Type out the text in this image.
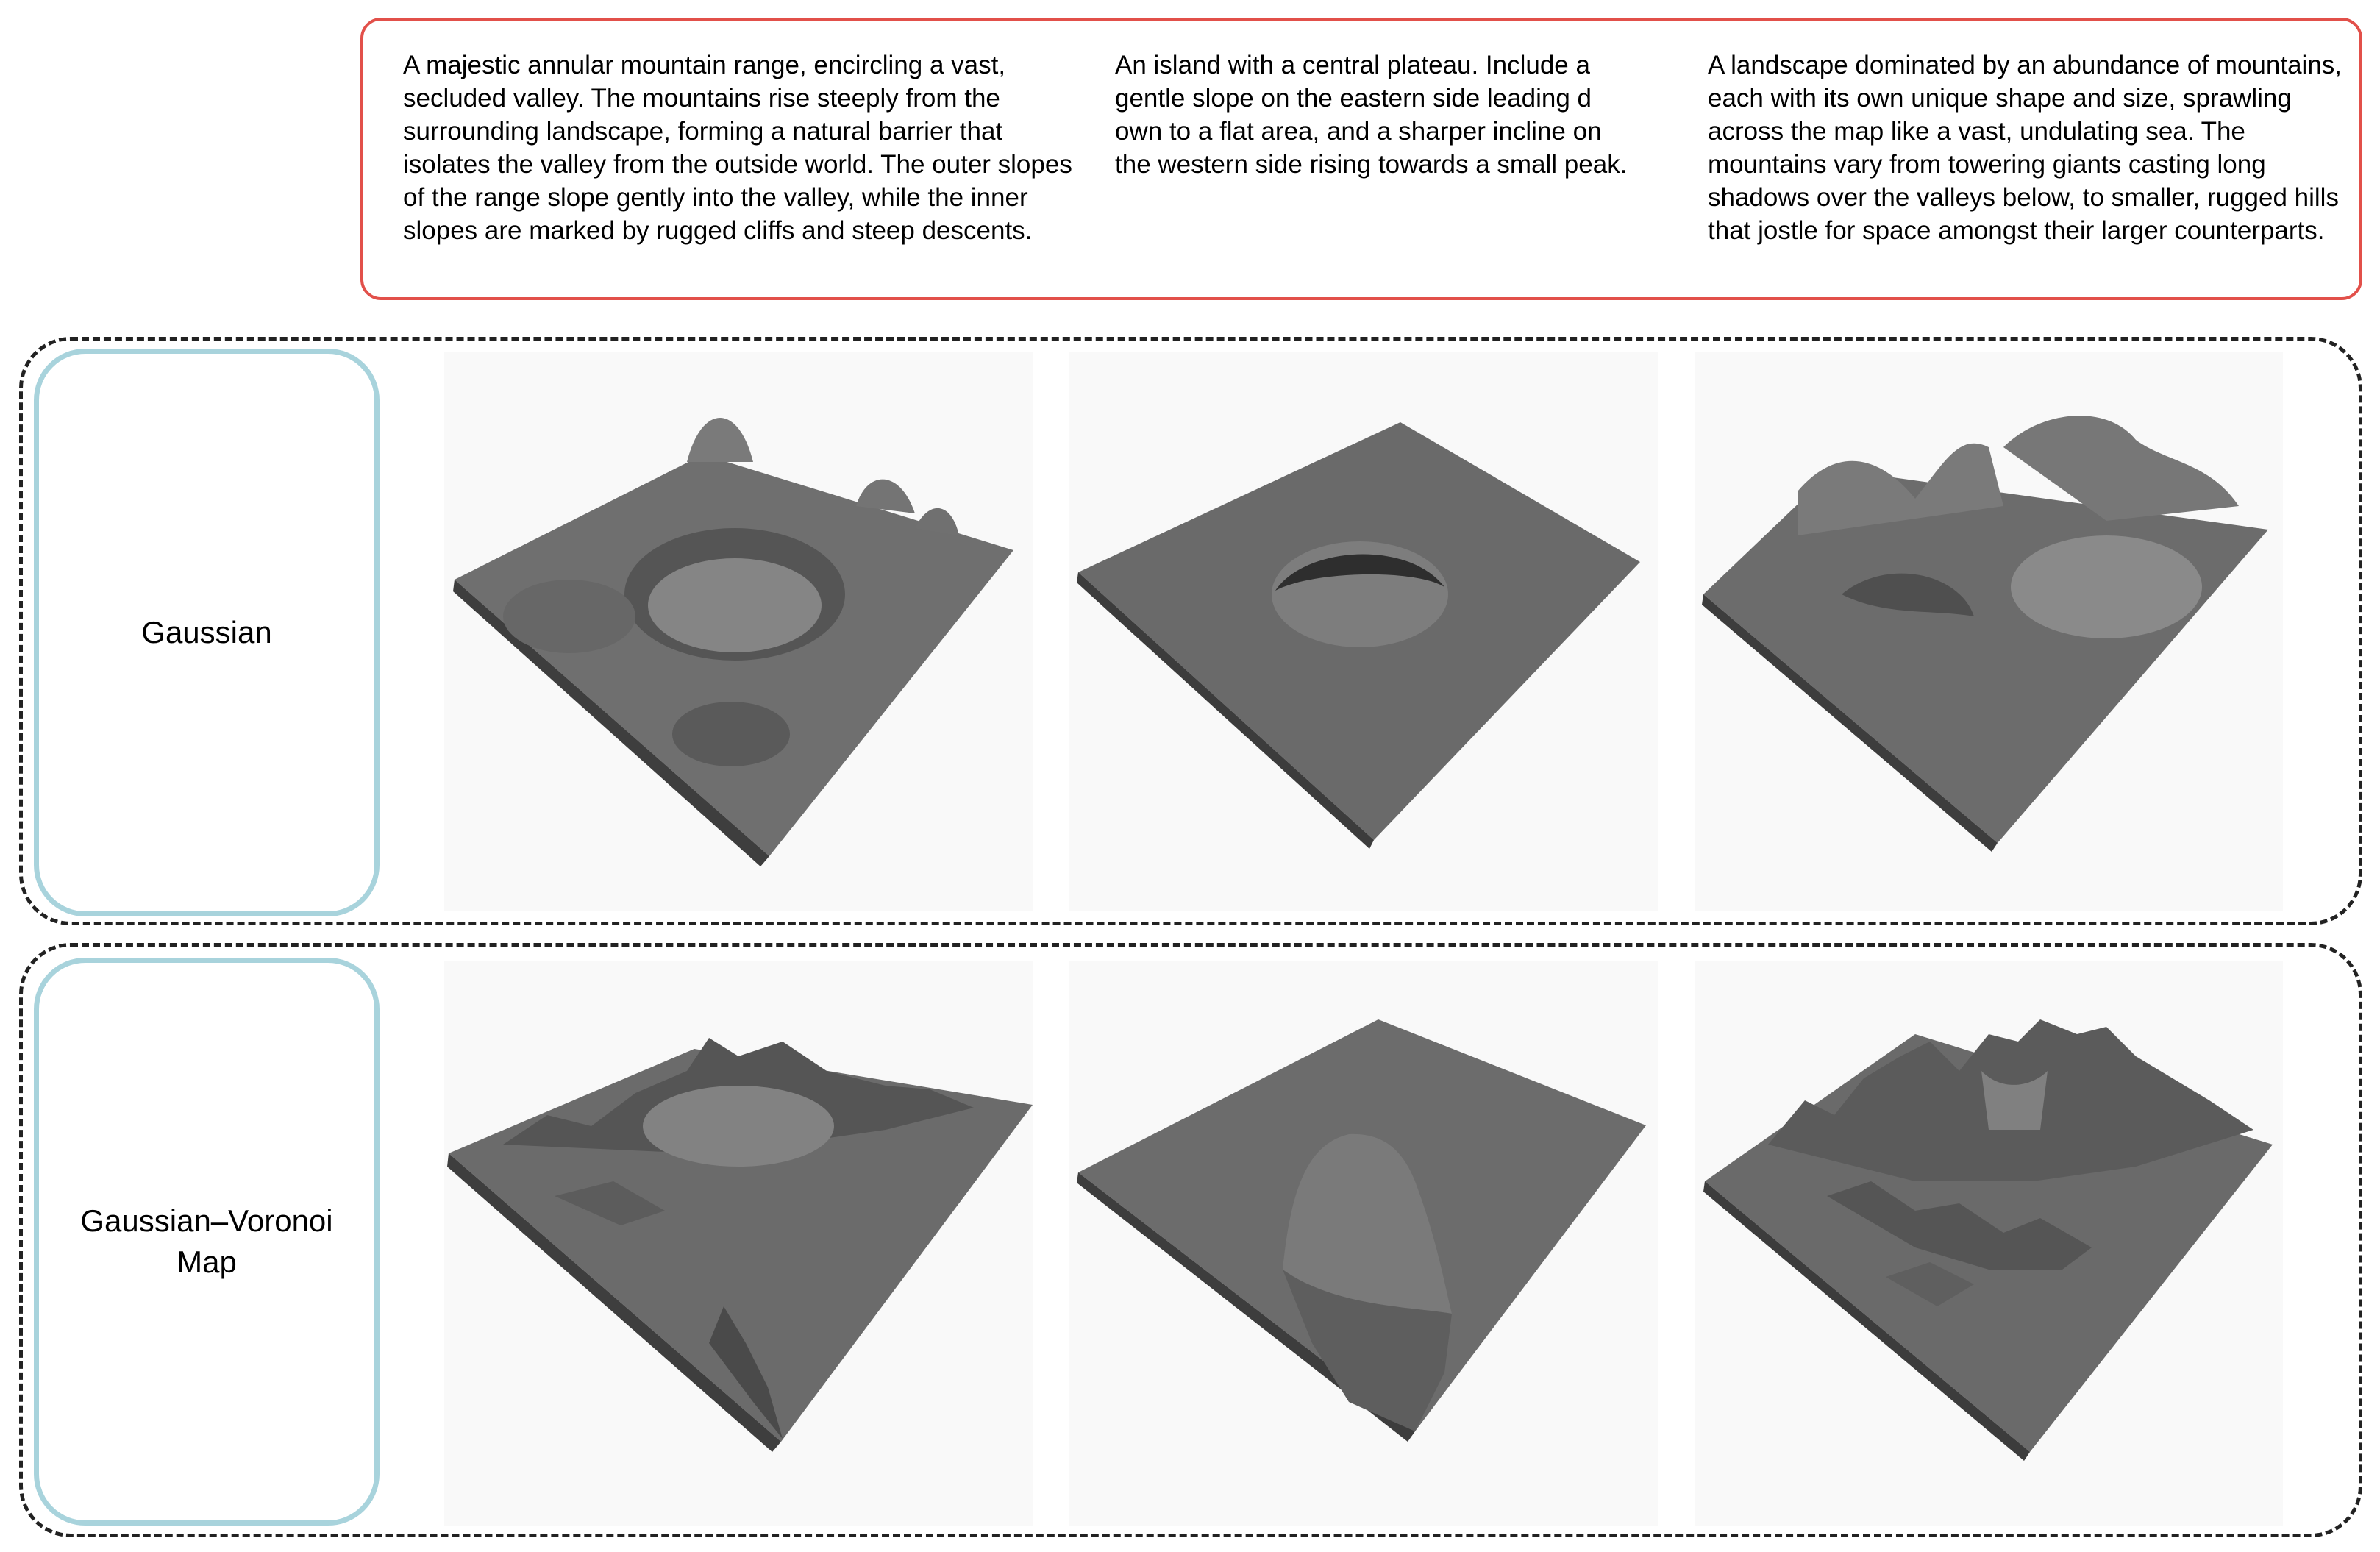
A majestic annular mountain range, encircling a vast, secluded valley. The mountains rise steeply from the surrounding landscape, forming a natural barrier that isolates the valley from the outside world. The outer slopes of the range slope gently into the valley, while the inner slopes are marked by rugged cliffs and steep descents.
An island with a central plateau. Include a gentle slope on the eastern side leading d own to a flat area, and a sharper incline on the western side rising towards a small peak.
A landscape dominated by an abundance of mountains, each with its own unique shape and size, sprawling across the map like a vast, undulating sea. The mountains vary from towering giants casting long shadows over the valleys below, to smaller, rugged hills that jostle for space amongst their larger counterparts.
Gaussian
Gaussian–Voronoi Map
